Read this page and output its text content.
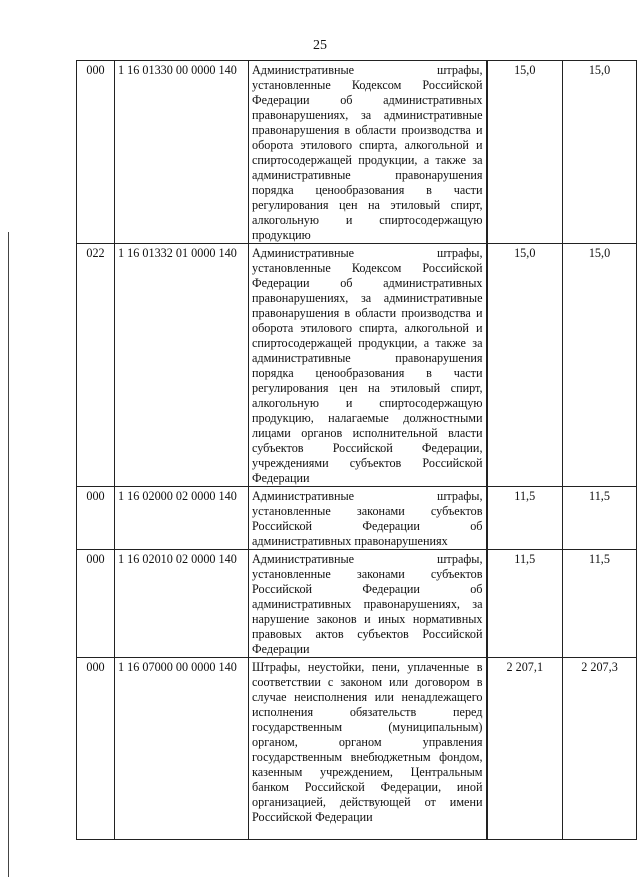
25
000	1 16 01330 00 0000 140	Административные штрафы, установленные Кодексом Российской Федерации об административных правонарушениях, за административные правонарушения в области производства и оборота этилового спирта, алкогольной и спиртосодержащей продукции, а также за административные правонарушения порядка ценообразования в части регулирования цен на этиловый спирт, алкогольную и спиртосодержащую продукцию	15,0	15,0
022	1 16 01332 01 0000 140	Административные штрафы, установленные Кодексом Российской Федерации об административных правонарушениях, за административные правонарушения в области производства и оборота этилового спирта, алкогольной и спиртосодержащей продукции, а также за административные правонарушения порядка ценообразования в части регулирования цен на этиловый спирт, алкогольную и спиртосодержащую продукцию, налагаемые должностными лицами органов исполнительной власти субъектов Российской Федерации, учреждениями субъектов Российской Федерации	15,0	15,0
000	1 16 02000 02 0000 140	Административные штрафы, установленные законами субъектов Российской Федерации об административных правонарушениях	11,5	11,5
000	1 16 02010 02 0000 140	Административные штрафы, установленные законами субъектов Российской Федерации об административных правонарушениях, за нарушение законов и иных нормативных правовых актов субъектов Российской Федерации	11,5	11,5
000	1 16 07000 00 0000 140	Штрафы, неустойки, пени, уплаченные в соответствии с законом или договором в случае неисполнения или ненадлежащего исполнения обязательств перед государственным (муниципальным) органом, органом управления государственным внебюджетным фондом, казенным учреждением, Центральным банком Российской Федерации, иной организацией, действующей от имени Российской Федерации	2 207,1	2 207,3
